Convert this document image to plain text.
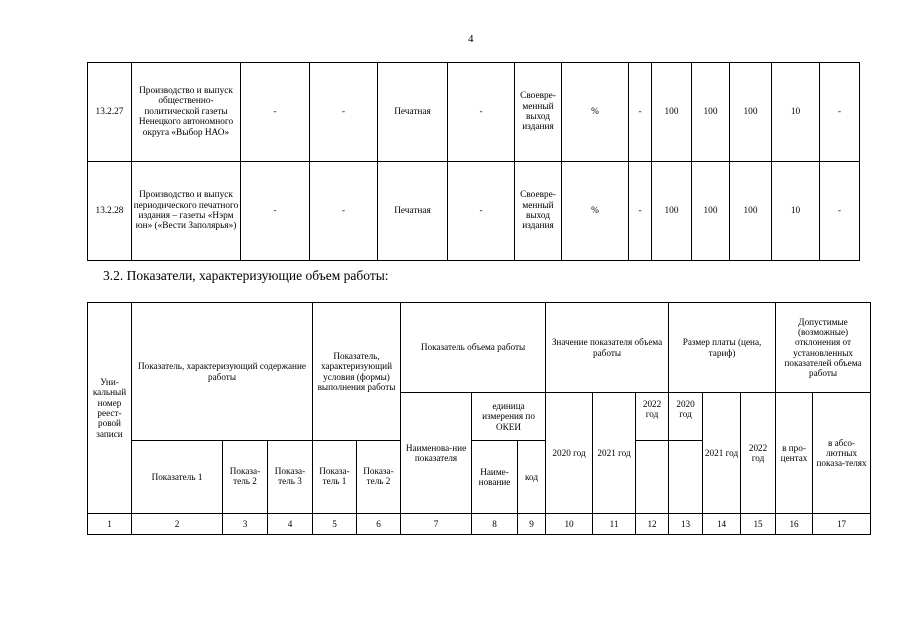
4
13.2.27	Производство и выпуск общественно-политической газеты Ненецкого автономного округа «Выбор НАО»	-	-	Печатная	-	Своевре-менный выход издания	%	-	100	100	100	10	-
13.2.28	Производство и выпуск периодического печатного издания – газеты «Нэрм юн» («Вести Заполярья»)	-	-	Печатная	-	Своевре-менный выход издания	%	-	100	100	100	10	-
3.2. Показатели, характеризующие объем работы:
Уни-кальный номер реест-ровой записи	Показатель, характеризующий содержание работы			Показатель, характеризующий условия (формы) выполнения работы		Показатель объема работы			Значение показателя объема работы			Размер платы (цена, тариф)			Допустимые (возможные) отклонения от установленных показателей объема работы	
						Наименова-ние показателя	единица измерения по ОКЕИ		2020 год	2021 год	2022 год	2020 год	2021 год	2022 год	в про-центах	в абсо-лютных показа-телях
	Показатель 1	Показа-тель 2	Показа-тель 3	Показа-тель 1	Показа-тель 2		Наиме-нование	код								
1	2	3	4	5	6	7	8	9	10	11	12	13	14	15	16	17
